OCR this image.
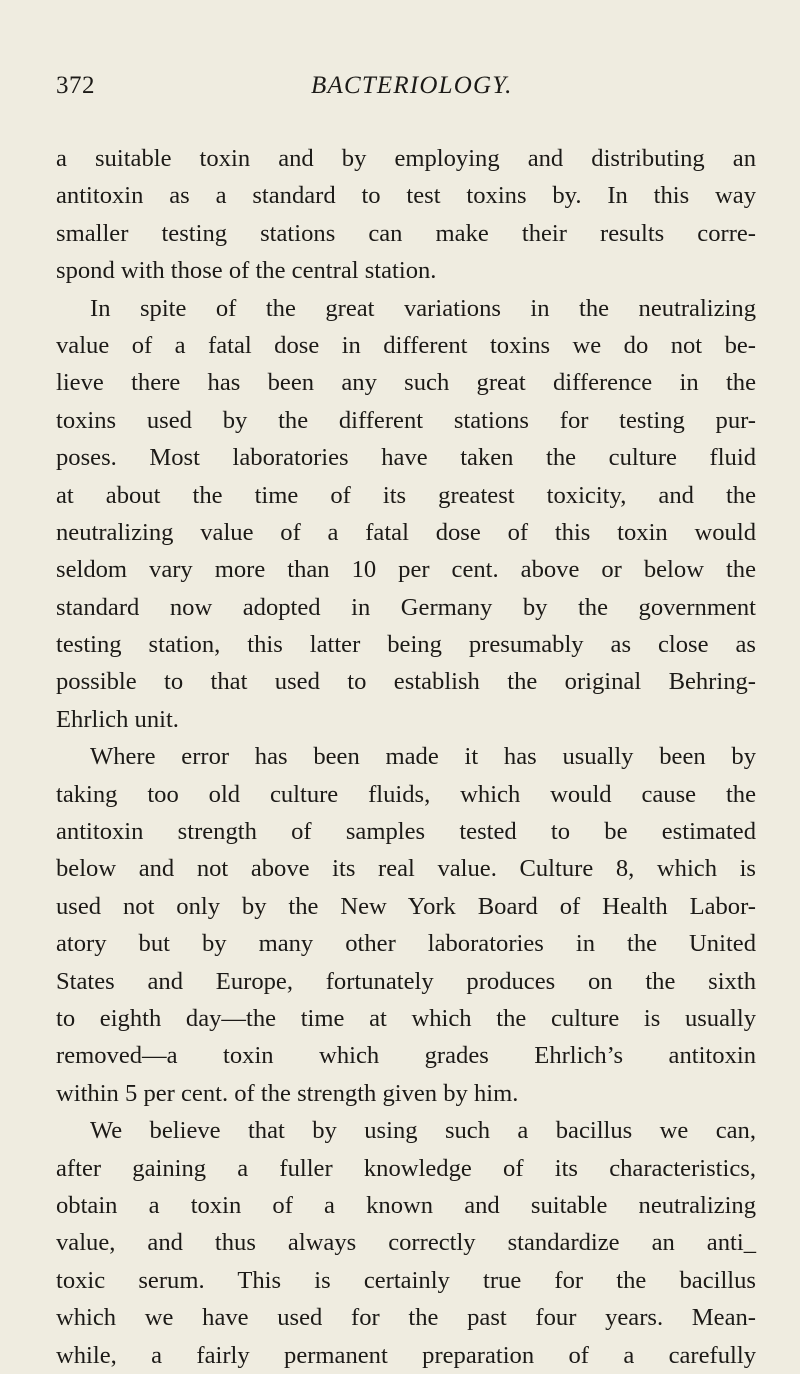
372	BACTERIOLOGY.
a suitable toxin and by employing and distributing an
antitoxin as a standard to test toxins by. In this way
smaller testing stations can make their results corre-
spond with those of the central station.
In spite of the great variations in the neutralizing
value of a fatal dose in different toxins we do not be-
lieve there has been any such great difference in the
toxins used by the different stations for testing pur-
poses. Most laboratories have taken the culture fluid
at about the time of its greatest toxicity, and the
neutralizing value of a fatal dose of this toxin would
seldom vary more than 10 per cent. above or below the
standard now adopted in Germany by the government
testing station, this latter being presumably as close as
possible to that used to establish the original Behring-
Ehrlich unit.
Where error has been made it has usually been by
taking too old culture fluids, which would cause the
antitoxin strength of samples tested to be estimated
below and not above its real value. Culture 8, which is
used not only by the New York Board of Health Labor-
atory but by many other laboratories in the United
States and Europe, fortunately produces on the sixth
to eighth day—the time at which the culture is usually
removed—a toxin which grades Ehrlich’s antitoxin
within 5 per cent. of the strength given by him.
We believe that by using such a bacillus we can,
after gaining a fuller knowledge of its characteristics,
obtain a toxin of a known and suitable neutralizing
value, and thus always correctly standardize an anti_
toxic serum. This is certainly true for the bacillus
which we have used for the past four years. Mean-
while, a fairly permanent preparation of a carefully
